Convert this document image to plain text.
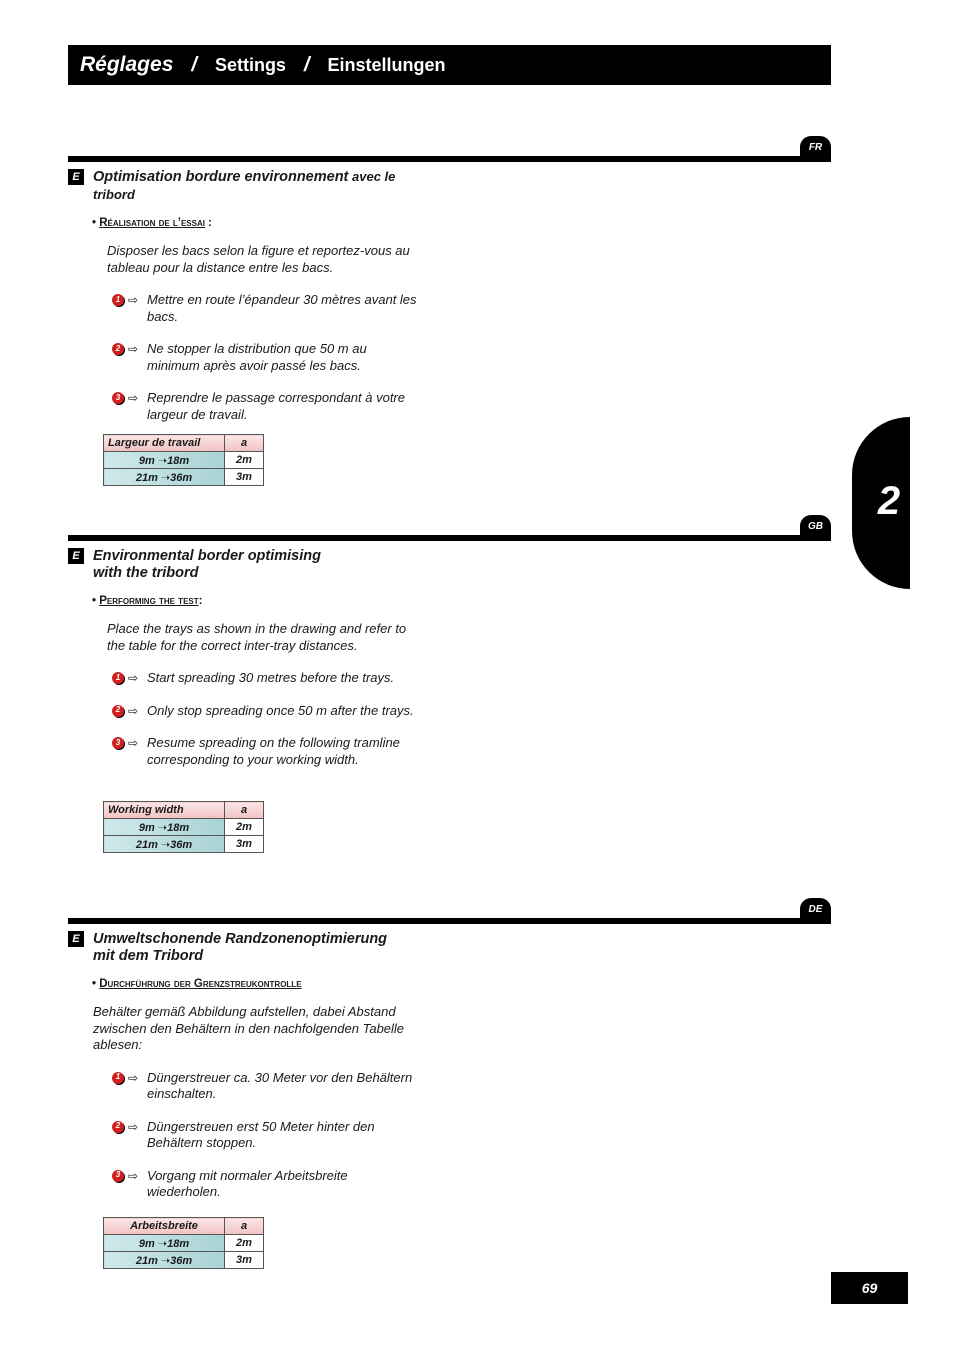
Réglages / Settings / Einstellungen
2
FR
E Optimisation bordure environnement avec le
tribord

• Réalisation de l’essai :

Disposer les bacs selon la figure et reportez-vous au tableau pour la distance entre les bacs.

1 ⇨ Mettre en route l’épandeur 30 mètres avant les bacs.
2 ⇨ Ne stopper la distribution que 50 m au minimum après avoir passé les bacs.
3 ⇨ Reprendre le passage correspondant à votre largeur de travail.
Largeur de travail	a
9m ➝18m	2m
21m ➝36m	3m
GB
E Environmental border optimising
with the tribord

• Performing the test:

Place the trays as shown in the drawing and refer to the table for the correct inter-tray distances.

1 ⇨ Start spreading 30 metres before the trays.
2 ⇨ Only stop spreading once 50 m after the trays.
3 ⇨ Resume spreading on the following tramline corresponding to your working width.
Working width	a
9m ➝18m	2m
21m ➝36m	3m
DE
E Umweltschonende Randzonenoptimierung
mit dem Tribord

• Durchführung der Grenzstreukontrolle

Behälter gemäß Abbildung aufstellen, dabei Abstand zwischen den Behältern in den nachfolgenden Tabelle ablesen:

1 ⇨ Düngerstreuer ca. 30 Meter vor den Behältern einschalten.
2 ⇨ Düngerstreuen erst 50 Meter hinter den Behältern stoppen.
3 ⇨ Vorgang mit normaler Arbeitsbreite wiederholen.
Arbeitsbreite	a
9m ➝18m	2m
21m ➝36m	3m
69
